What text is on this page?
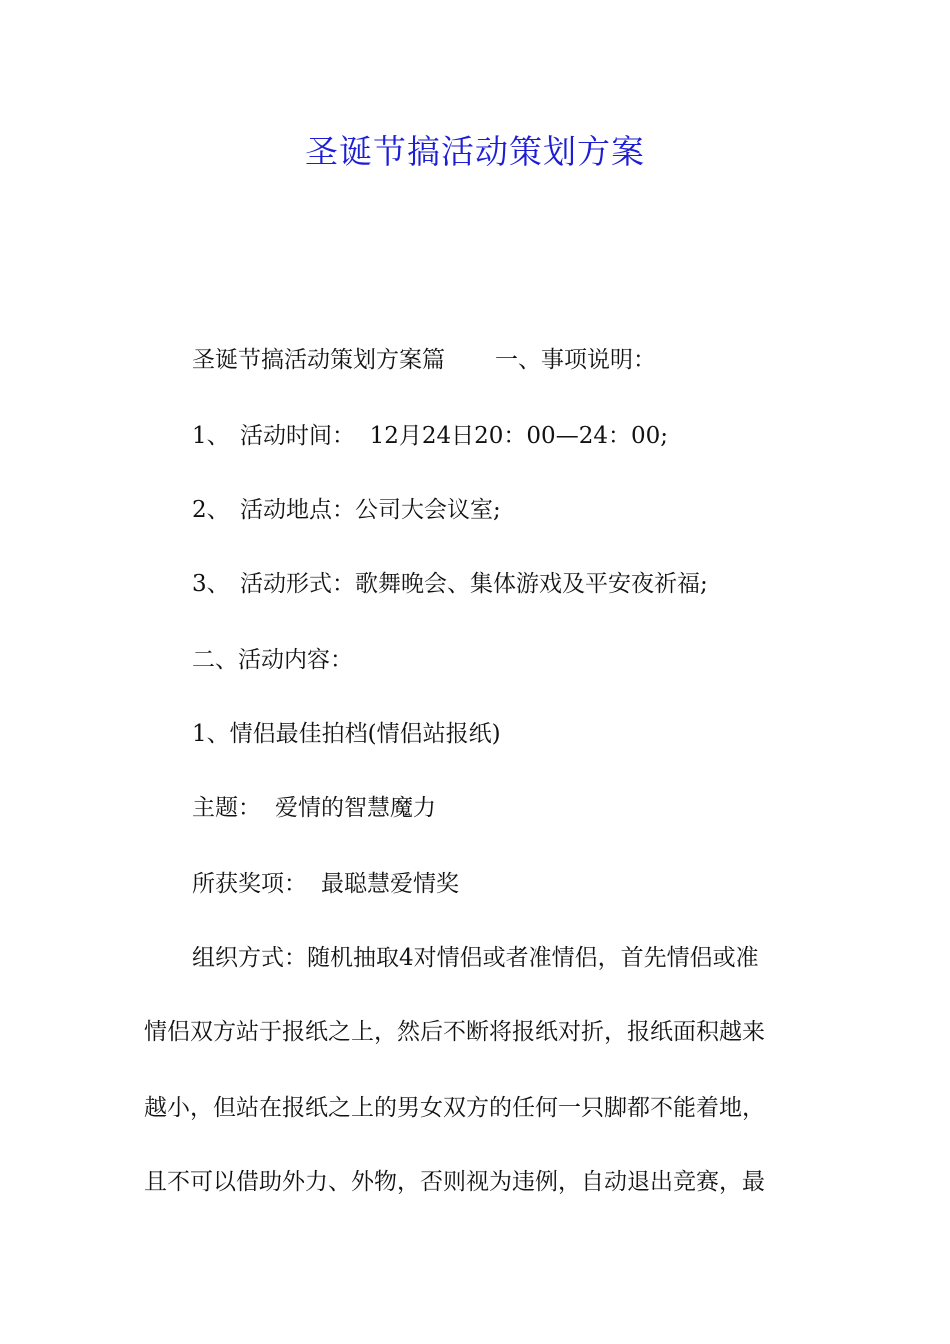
圣诞节搞活动策划方案

圣诞节搞活动策划方案篇 一、事项说明：

1、 活动时间：  12月24日20：00—24：00;

2、 活动地点：公司大会议室;

3、 活动形式：歌舞晚会、集体游戏及平安夜祈福;

二、活动内容：

1、情侣最佳拍档(情侣站报纸)

主题： 爱情的智慧魔力

所获奖项： 最聪慧爱情奖

组织方式：随机抽取4对情侣或者准情侣，首先情侣或准

情侣双方站于报纸之上，然后不断将报纸对折，报纸面积越来

越小，但站在报纸之上的男女双方的任何一只脚都不能着地，

且不可以借助外力、外物，否则视为违例，自动退出竞赛，最
